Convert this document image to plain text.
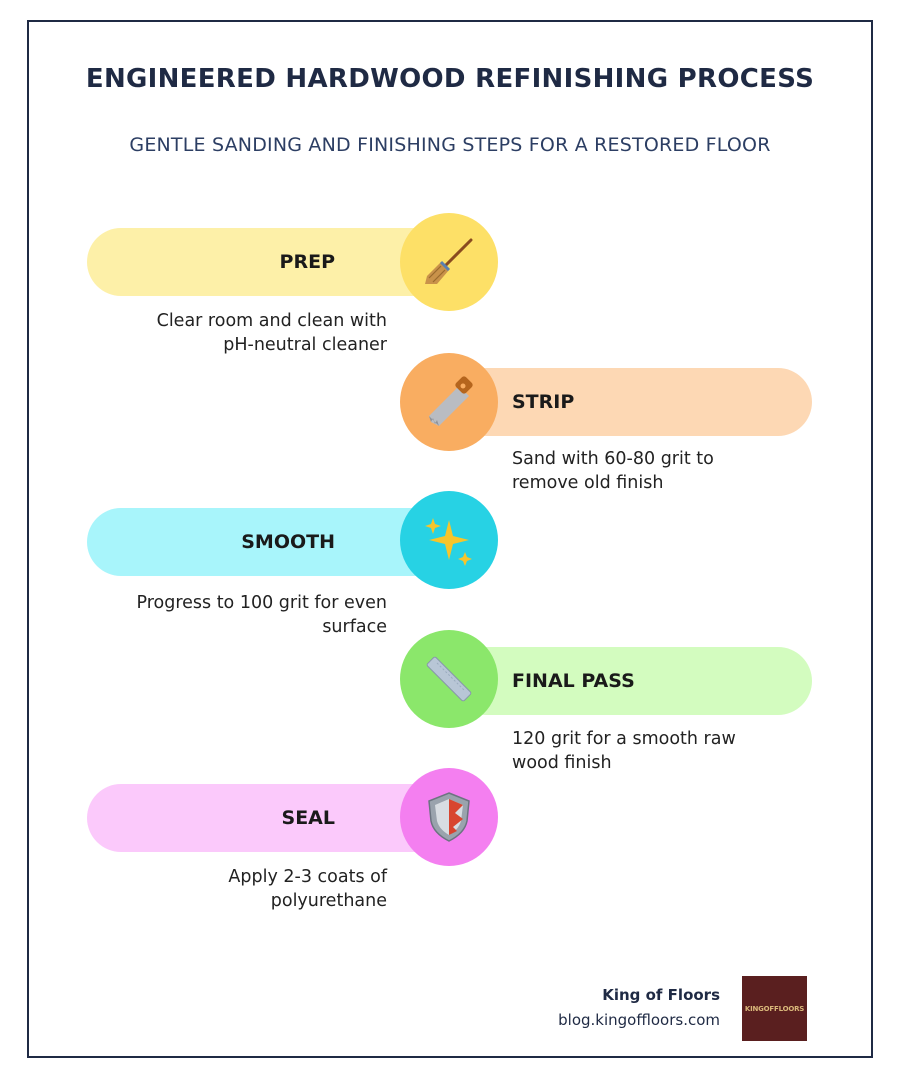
ENGINEERED HARDWOOD REFINISHING PROCESS
GENTLE SANDING AND FINISHING STEPS FOR A RESTORED FLOOR
PREP
Clear room and clean with
pH-neutral cleaner
STRIP
Sand with 60-80 grit to
remove old finish
SMOOTH
Progress to 100 grit for even
surface
FINAL PASS
120 grit for a smooth raw
wood finish
SEAL
Apply 2-3 coats of
polyurethane
King of Floors
blog.kingoffloors.com
KINGOFFLOORS
